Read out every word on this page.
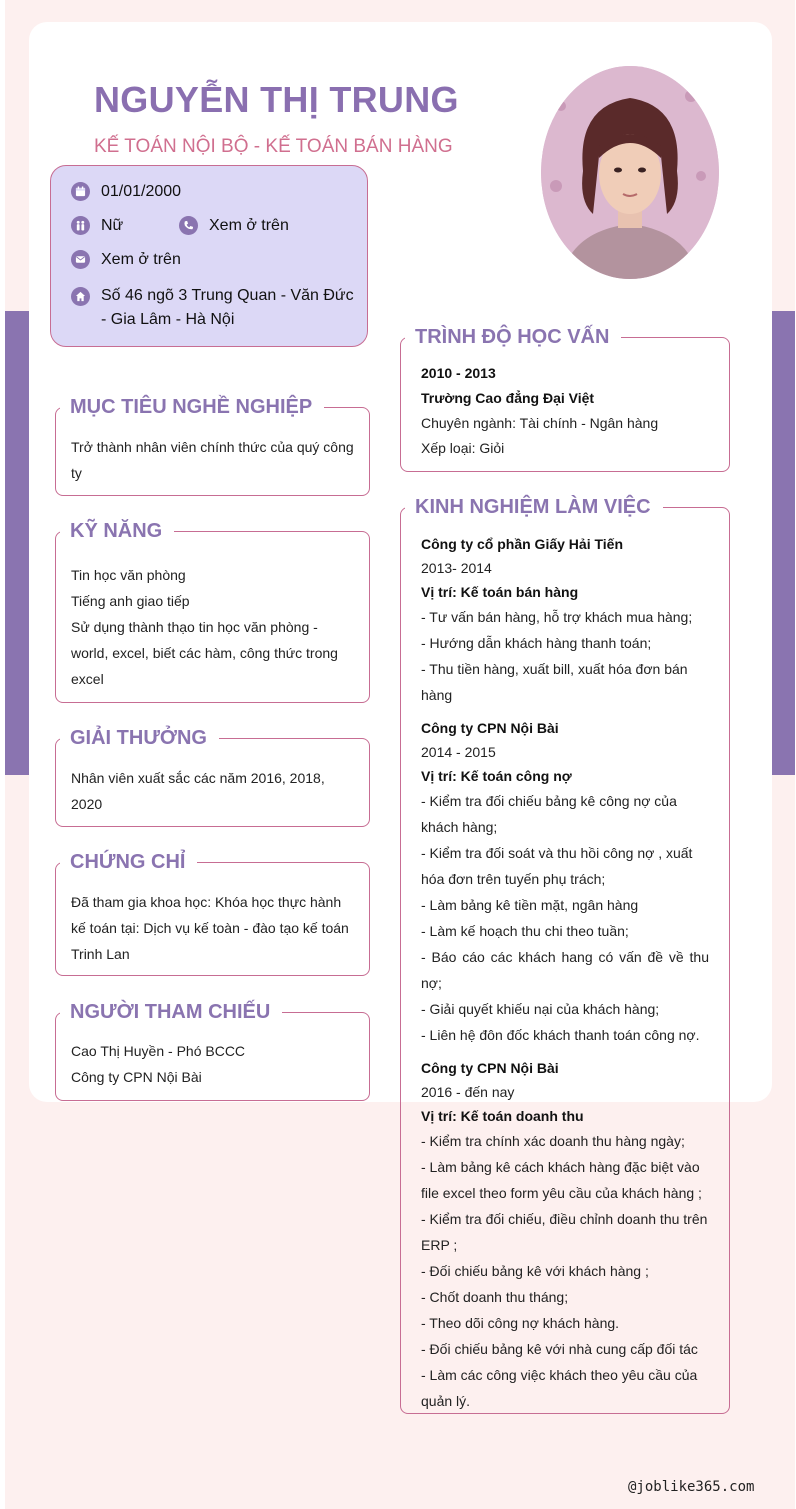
NGUYỄN THỊ TRUNG
KẾ TOÁN NỘI BỘ - KẾ TOÁN BÁN HÀNG
01/01/2000
Nữ	Xem ở trên
Xem ở trên
Số 46 ngõ 3 Trung Quan - Văn Đức
- Gia Lâm - Hà Nội

Trở thành nhân viên chính thức của quý công

ty

MỤC TIÊU NGHỀ NGHIỆP

Tin học văn phòng

Tiếng anh giao tiếp

Sử dụng thành thạo tin học văn phòng -

world, excel, biết các hàm, công thức trong

excel

KỸ NĂNG

Nhân viên xuất sắc các năm 2016, 2018,

2020

GIẢI THƯỞNG

Đã tham gia khoa học: Khóa học thực hành

kế toán tại: Dịch vụ kế toàn - đào tạo kế toán

Trinh Lan

CHỨNG CHỈ

Cao Thị Huyền - Phó BCCC

Công ty CPN Nội Bài

NGƯỜI THAM CHIẾU

2010 - 2013

Trường Cao đẳng Đại Việt

Chuyên ngành: Tài chính - Ngân hàng

Xếp loại: Giỏi

TRÌNH ĐỘ HỌC VẤN

Công ty cổ phần Giấy Hải Tiến

2013- 2014

Vị trí: Kế toán bán hàng

- Tư vấn bán hàng, hỗ trợ khách mua hàng;

- Hướng dẫn khách hàng thanh toán;

- Thu tiền hàng, xuất bill, xuất hóa đơn bán

hàng

Công ty CPN Nội Bài

2014 - 2015

Vị trí: Kế toán công nợ

- Kiểm tra đối chiếu bảng kê công nợ của

khách hàng;

- Kiểm tra đối soát và thu hồi công nợ , xuất

hóa đơn trên tuyến phụ trách;

- Làm bảng kê tiền mặt, ngân hàng

- Làm kế hoạch thu chi theo tuần;

- Báo cáo các khách hang có vấn đề về thu nợ;

- Giải quyết khiếu nại của khách hàng;

- Liên hệ đôn đốc khách thanh toán công nợ.

Công ty CPN Nội Bài

2016 - đến nay

Vị trí: Kế toán doanh thu

- Kiểm tra chính xác doanh thu hàng ngày;

- Làm bảng kê cách khách hàng đặc biệt vào

file excel theo form yêu cầu của khách hàng ;

- Kiểm tra đối chiếu, điều chỉnh doanh thu trên

ERP ;

- Đối chiếu bảng kê với khách hàng ;

- Chốt doanh thu tháng;

- Theo dõi công nợ khách hàng.

- Đối chiếu bảng kê với nhà cung cấp đối tác

- Làm các công việc khách theo yêu cầu của

quản lý.

KINH NGHIỆM LÀM VIỆC
@joblike365.com
